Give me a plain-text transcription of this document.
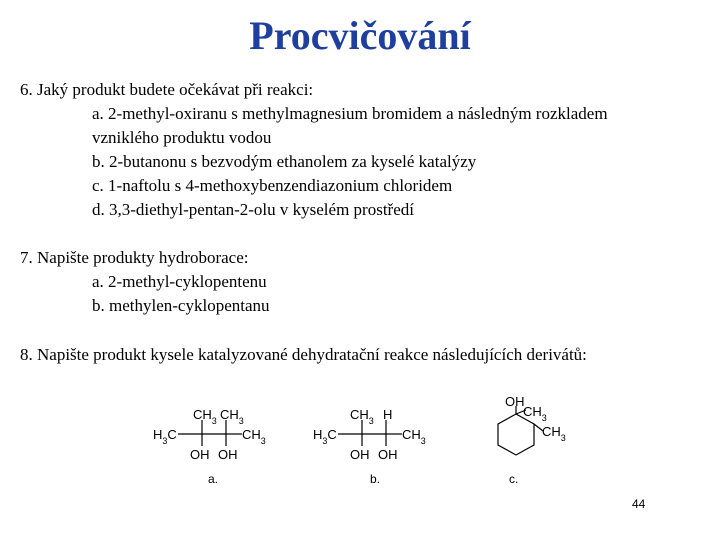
Procvičování
6. Jaký produkt budete očekávat při reakci:
a. 2-methyl-oxiranu s methylmagnesium bromidem a následným rozkladem
vzniklého produktu vodou
b. 2-butanonu s bezvodým ethanolem za kyselé katalýzy
c. 1-naftolu s 4-methoxybenzendiazonium chloridem
d. 3,3-diethyl-pentan-2-olu v kyselém prostředí
7. Napište produkty hydroborace:
a. 2-methyl-cyklopentenu
b. methylen-cyklopentanu
8. Napište produkt kysele katalyzované dehydratační reakce následujících derivátů:
$CH_3$ $CH_3$
$H_3C$	$CH_3$
OH OH
a.
$CH_3$ H
$H_3C$	$CH_3$
OH OH
b.
OH
$CH_3$
$CH_3$
c.
44
